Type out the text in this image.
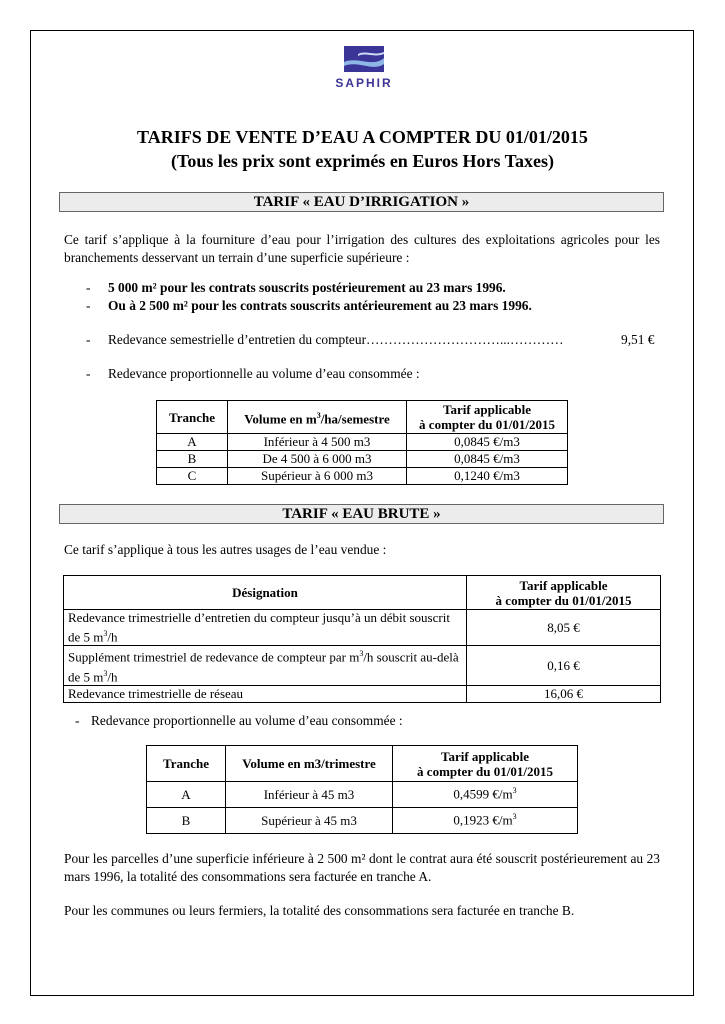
SAPHIR
TARIFS DE VENTE D’EAU A COMPTER DU 01/01/2015
(Tous les prix sont exprimés en Euros Hors Taxes)
TARIF « EAU D’IRRIGATION »

Ce tarif s’applique à la fourniture d’eau pour l’irrigation des cultures des exploitations agricoles pour les branchements desservant un terrain d’une superficie supérieure :

- 5 000 m² pour les contrats souscrits postérieurement au 23 mars 1996.
- Ou à 2 500 m² pour les contrats souscrits antérieurement au 23 mars 1996.
- Redevance semestrielle d’entretien du compteur…………………………...…………	9,51 €
- Redevance proportionnelle au volume d’eau consommée :
Tranche	Volume en $m^3/ha$/semestre	Tarif applicable
à compter du 01/01/2015
A	Inférieur à 4 500 m3	0,0845 €/m3
B	De 4 500 à 6 000 m3	0,0845 €/m3
C	Supérieur à 6 000 m3	0,1240 €/m3
TARIF « EAU BRUTE »

Ce tarif s’applique à tous les autres usages de l’eau vendue :

Désignation	Tarif applicable
à compter du 01/01/2015
Redevance trimestrielle d’entretien du compteur jusqu’à un débit souscrit de 5 $m^3/h$	8,05 €
Supplément trimestriel de redevance de compteur par $m^3/h$ souscrit au-delà de 5 $m^3/h$	0,16 €
Redevance trimestrielle de réseau	16,06 €
- Redevance proportionnelle au volume d’eau consommée :
Tranche	Volume en m3/trimestre	Tarif applicable
à compter du 01/01/2015
A	Inférieur à 45 m3	0,4599 $€/m^3$
B	Supérieur à 45 m3	0,1923 $€/m^3$

Pour les parcelles d’une superficie inférieure à 2 500 m² dont le contrat aura été souscrit postérieurement au 23 mars 1996, la totalité des consommations sera facturée en tranche A.

Pour les communes ou leurs fermiers, la totalité des consommations sera facturée en tranche B.
